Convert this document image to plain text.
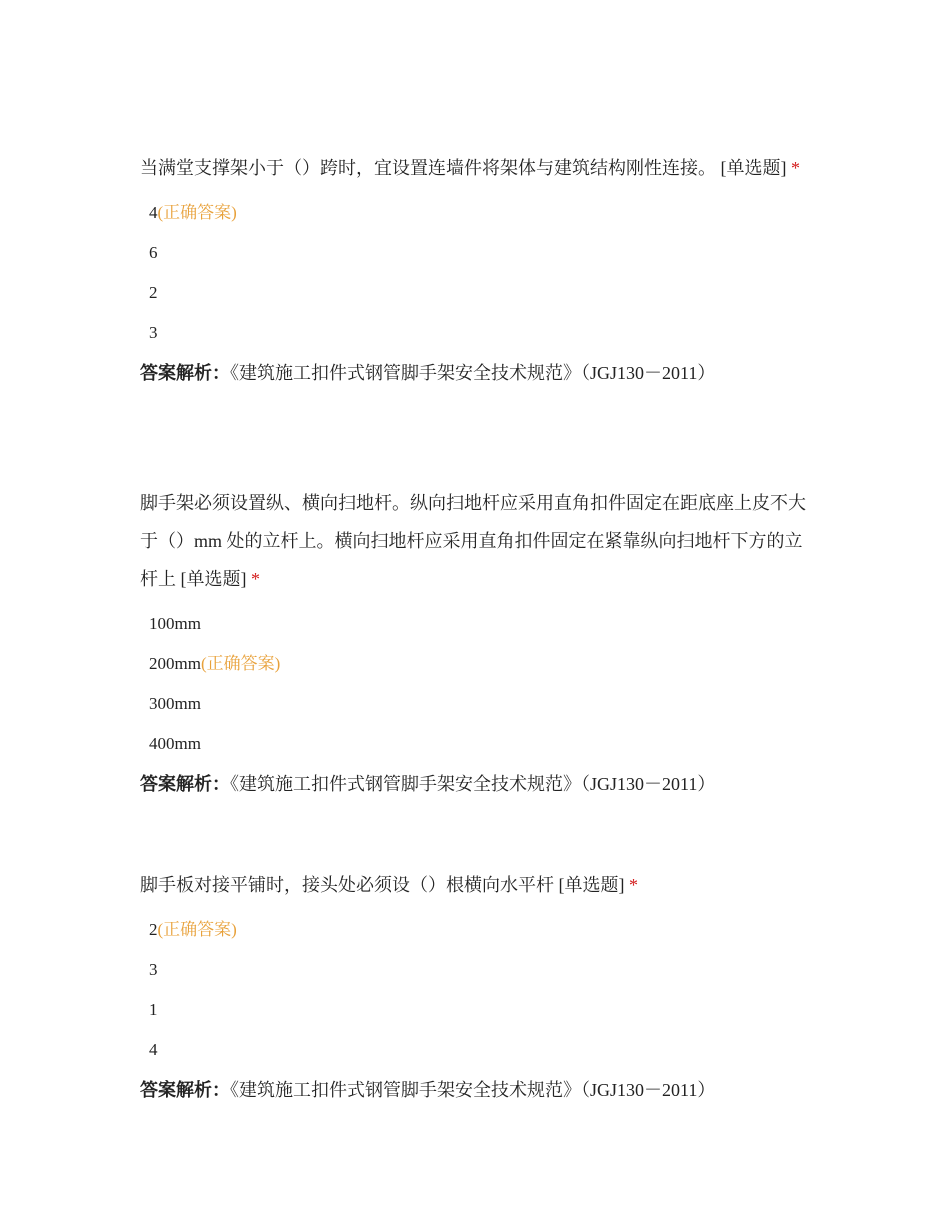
当满堂支撑架小于（）跨时，宜设置连墙件将架体与建筑结构刚性连接。 [单选题] *

4(正确答案)
6
2
3
答案解析：《建筑施工扣件式钢管脚手架安全技术规范》（JGJ130－2011）

脚手架必须设置纵、横向扫地杆。纵向扫地杆应采用直角扣件固定在距底座上皮不大于（）mm 处的立杆上。横向扫地杆应采用直角扣件固定在紧靠纵向扫地杆下方的立杆上 [单选题] *

100mm
200mm(正确答案)
300mm
400mm
答案解析：《建筑施工扣件式钢管脚手架安全技术规范》（JGJ130－2011）

脚手板对接平铺时，接头处必须设（）根横向水平杆 [单选题] *

2(正确答案)
3
1
4
答案解析：《建筑施工扣件式钢管脚手架安全技术规范》（JGJ130－2011）
